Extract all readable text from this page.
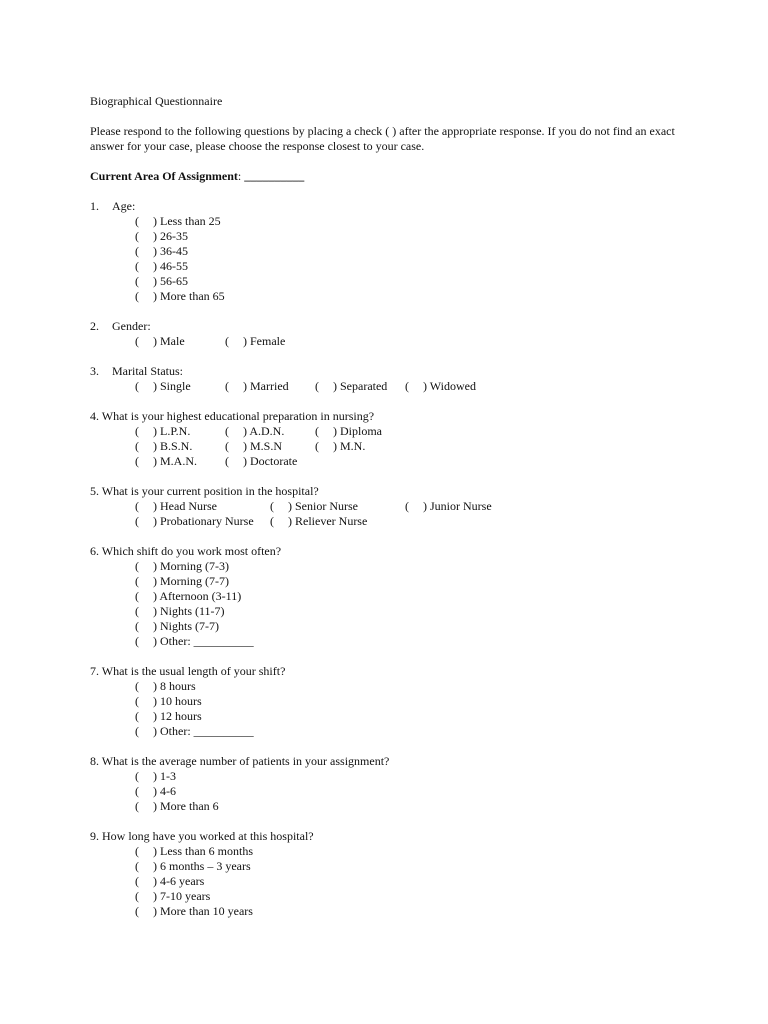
Biographical Questionnaire
Please respond to the following questions by placing a check ( ) after the appropriate response. If you do not find an exact answer for your case, please choose the response closest to your case.
Current Area Of Assignment: __________
1. Age:
( ) Less than 25
( ) 26-35
( ) 36-45
( ) 46-55
( ) 56-65
( ) More than 65
2. Gender:
( ) Male	( ) Female
3. Marital Status:
( ) Single	( ) Married ( ) Separated ( ) Widowed
4. What is your highest educational preparation in nursing?
( ) L.P.N.	( ) A.D.N.	( ) Diploma
( ) B.S.N.	( ) M.S.N	( ) M.N.
( ) M.A.N. ( ) Doctorate
5. What is your current position in the hospital?
( ) Head Nurse	( ) Senior Nurse	( ) Junior Nurse
( ) Probationary Nurse ( ) Reliever Nurse
6. Which shift do you work most often?
( ) Morning (7-3)
( ) Morning (7-7)
( ) Afternoon (3-11)
( ) Nights (11-7)
( ) Nights (7-7)
( ) Other: __________
7. What is the usual length of your shift?
( ) 8 hours
( ) 10 hours
( ) 12 hours
( ) Other: __________
8. What is the average number of patients in your assignment?
( ) 1-3
( ) 4-6
( ) More than 6
9. How long have you worked at this hospital?
( ) Less than 6 months
( ) 6 months – 3 years
( ) 4-6 years
( ) 7-10 years
( ) More than 10 years
